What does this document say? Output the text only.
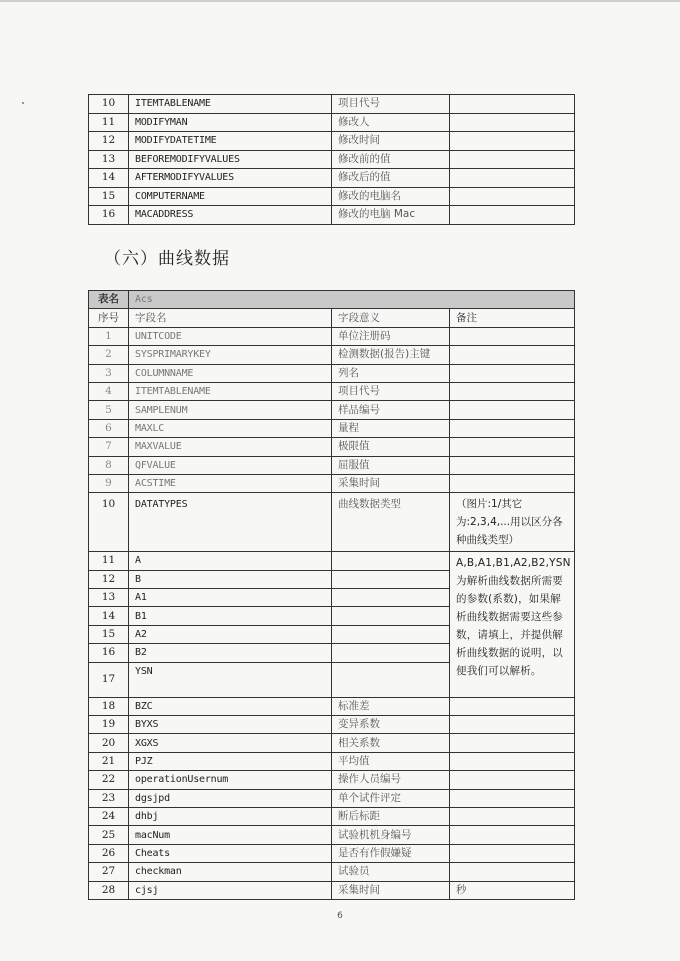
10	ITEMTABLENAME	项目代号	
11	MODIFYMAN	修改人	
12	MODIFYDATETIME	修改时间	
13	BEFOREMODIFYVALUES	修改前的值	
14	AFTERMODIFYVALUES	修改后的值	
15	COMPUTERNAME	修改的电脑名	
16	MACADDRESS	修改的电脑 Mac	
（六）曲线数据
表名	Acs		
序号	字段名	字段意义	备注
1	UNITCODE	单位注册码	
2	SYSPRIMARYKEY	检测数据(报告)主键	
3	COLUMNNAME	列名	
4	ITEMTABLENAME	项目代号	
5	SAMPLENUM	样品编号	
6	MAXLC	量程	
7	MAXVALUE	极限值	
8	QFVALUE	屈服值	
9	ACSTIME	采集时间	
10	DATATYPES	曲线数据类型	（图片:1/其它为:2,3,4,...用以区分各种曲线类型）
11	A		A,B,A1,B1,A2,B2,YSN 为解析曲线数据所需要的参数(系数)，如果解析曲线数据需要这些参数，请填上，并提供解析曲线数据的说明，以便我们可以解析。
12	B		
13	A1		
14	B1		
15	A2		
16	B2		
17	YSN		
18	BZC	标准差	
19	BYXS	变异系数	
20	XGXS	相关系数	
21	PJZ	平均值	
22	operationUsernum	操作人员编号	
23	dgsjpd	单个试件评定	
24	dhbj	断后标距	
25	macNum	试验机机身编号	
26	Cheats	是否有作假嫌疑	
27	checkman	试验员	
28	cjsj	采集时间	秒
6
